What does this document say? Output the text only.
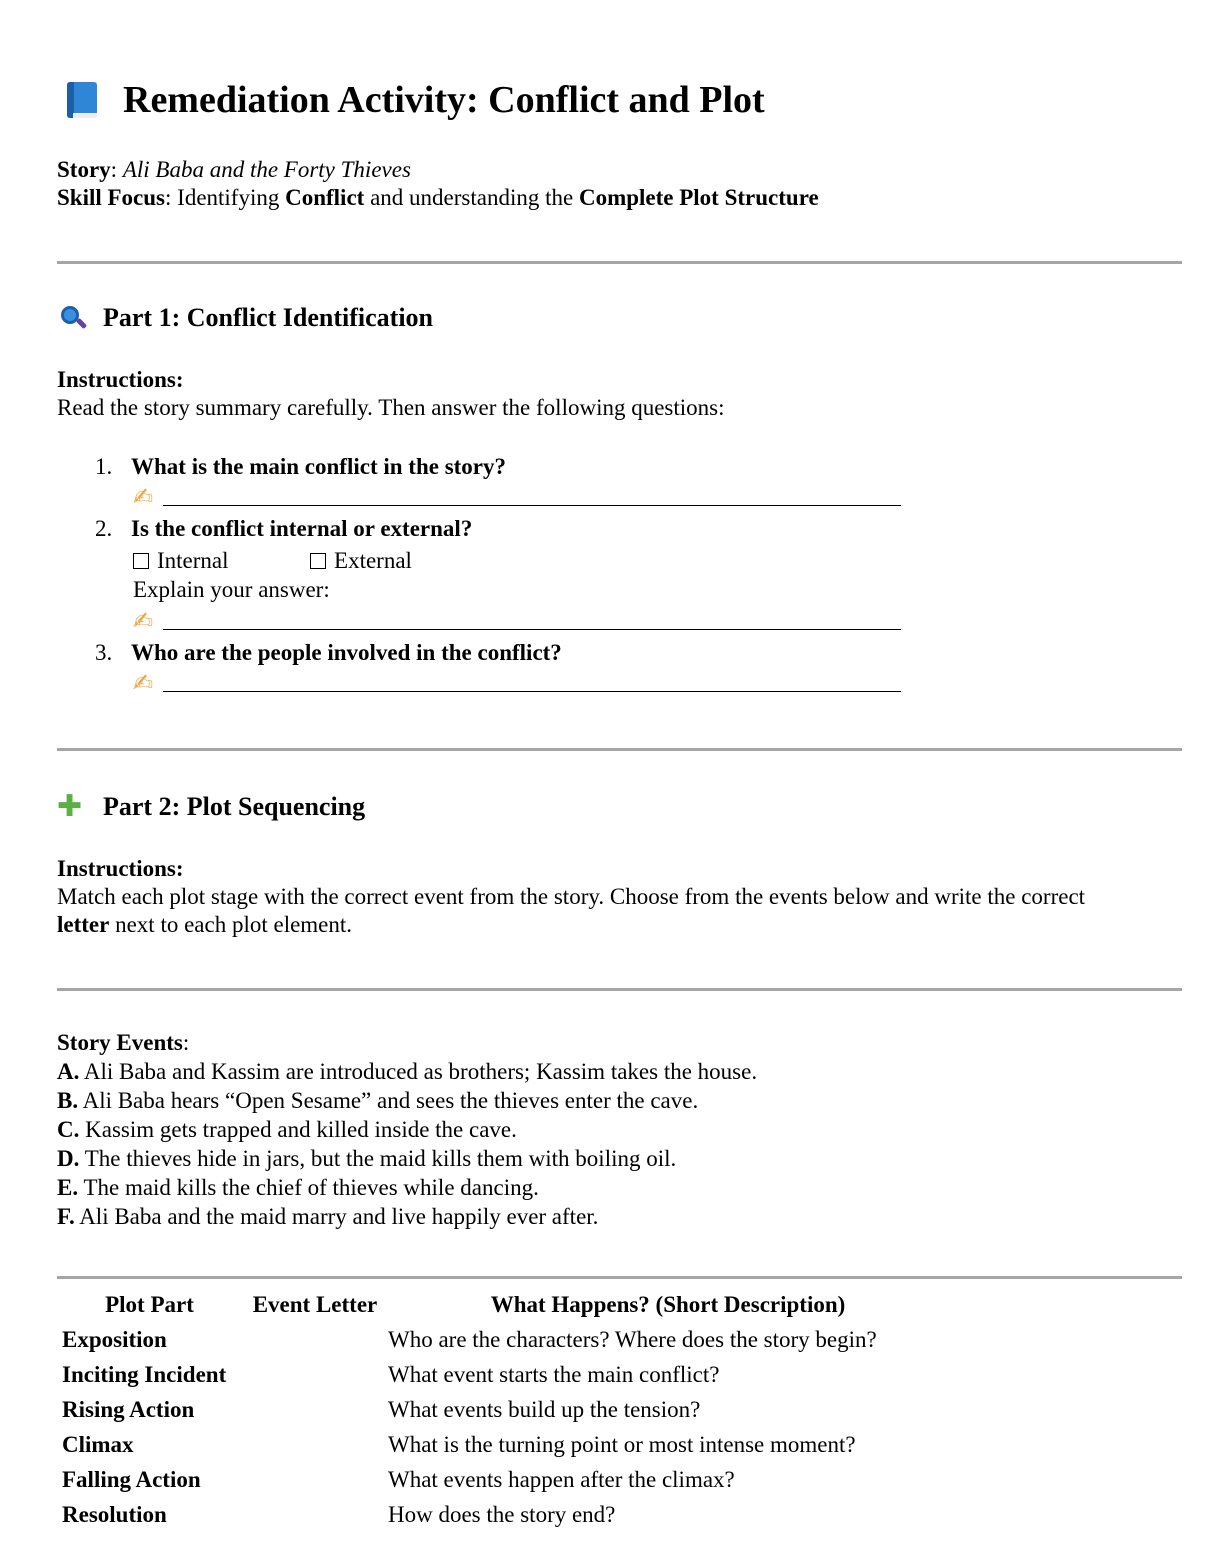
Remediation Activity: Conflict and Plot
Story: Ali Baba and the Forty Thieves
Skill Focus: Identifying Conflict and understanding the Complete Plot Structure
Part 1: Conflict Identification
Instructions:
Read the story summary carefully. Then answer the following questions:
1. What is the main conflict in the story?
✍
2. Is the conflict internal or external?
Internal	External
Explain your answer:
✍
3. Who are the people involved in the conflict?
✍
✚ Part 2: Plot Sequencing
Instructions:
Match each plot stage with the correct event from the story. Choose from the events below and write the correct
letter next to each plot element.
Story Events:
A. Ali Baba and Kassim are introduced as brothers; Kassim takes the house.
B. Ali Baba hears “Open Sesame” and sees the thieves enter the cave.
C. Kassim gets trapped and killed inside the cave.
D. The thieves hide in jars, but the maid kills them with boiling oil.
E. The maid kills the chief of thieves while dancing.
F. Ali Baba and the maid marry and live happily ever after.
Plot Part	Event Letter	What Happens? (Short Description)
Exposition		Who are the characters? Where does the story begin?
Inciting Incident		What event starts the main conflict?
Rising Action		What events build up the tension?
Climax		What is the turning point or most intense moment?
Falling Action		What events happen after the climax?
Resolution		How does the story end?
